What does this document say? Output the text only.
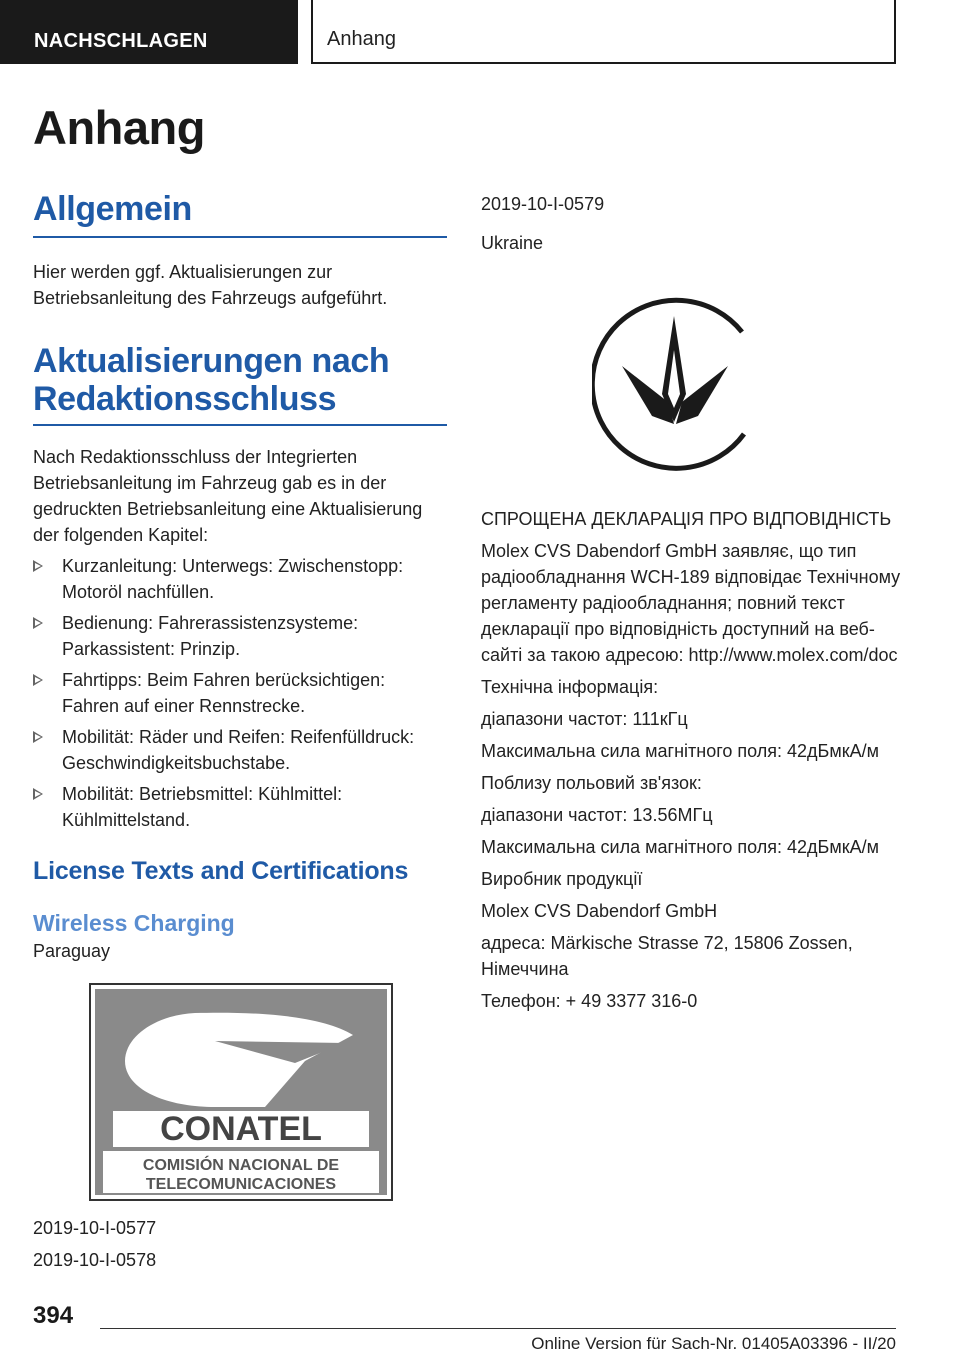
NACHSCHLAGEN	Anhang
Anhang
Allgemein

Hier werden ggf. Aktualisierungen zur Betriebsanleitung des Fahrzeugs aufgeführt.

Aktualisierungen nach Redaktionsschluss

Nach Redaktionsschluss der Integrierten Betriebsanleitung im Fahrzeug gab es in der gedruckten Betriebsanleitung eine Aktualisierung der folgenden Kapitel:

Kurzanleitung: Unterwegs: Zwischenstopp: Motoröl nachfüllen.
Bedienung: Fahrerassistenzsysteme: Parkassistent: Prinzip.
Fahrtipps: Beim Fahren berücksichtigen: Fahren auf einer Rennstrecke.
Mobilität: Räder und Reifen: Reifenfülldruck: Geschwindigkeitsbuchstabe.
Mobilität: Betriebsmittel: Kühlmittel: Kühlmittelstand.
License Texts and Certifications
Wireless Charging

Paraguay

CONATEL
COMISIÓN NACIONAL DE
TELECOMUNICACIONES

2019-10-I-0577

2019-10-I-0578

2019-10-I-0579

Ukraine

СПРОЩЕНА ДЕКЛАРАЦІЯ ПРО ВІДПОВІДНІСТЬ

Molex CVS Dabendorf GmbH заявляє, що тип радіообладнання WCH-189 відповідає Технічному регламенту радіообладнання; повний текст декларації про відповідність доступний на веб-сайті за такою адресою: http://www.molex.com/doc

Технічна інформація:

діапазони частот: 111кГц

Максимальна сила магнітного поля: 42дБмкА/м

Поблизу польовий зв'язок:

діапазони частот: 13.56МГц

Максимальна сила магнітного поля: 42дБмкА/м

Виробник продукції

Molex CVS Dabendorf GmbH

адреса: Märkische Strasse 72, 15806 Zossen, Німеччина

Телефон: + 49 3377 316-0

394
Online Version für Sach-Nr. 01405A03396 - II/20
